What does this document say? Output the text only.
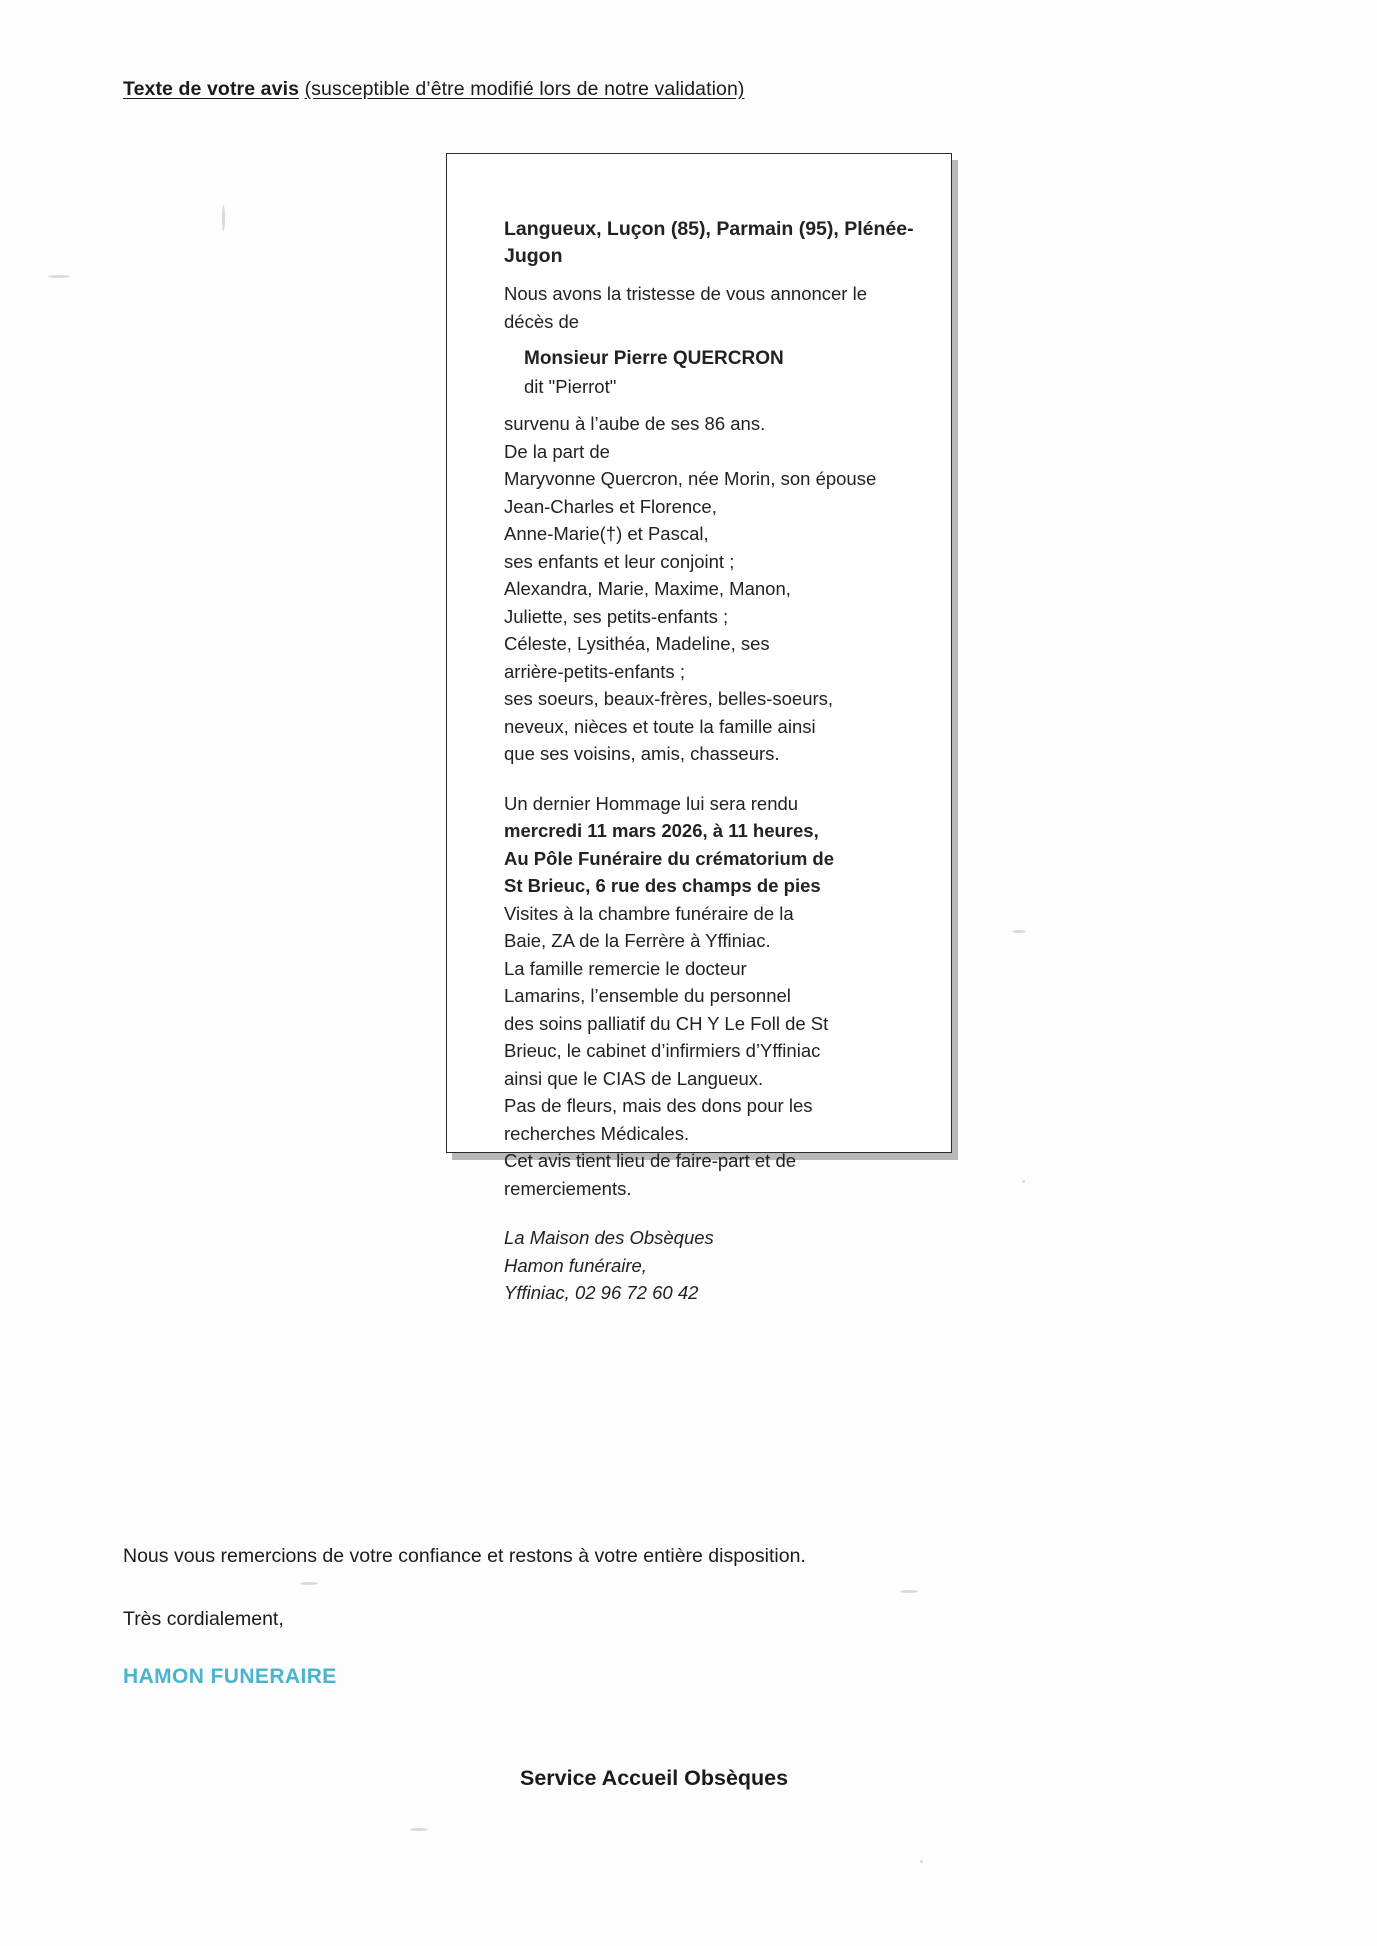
Texte de votre avis (susceptible d’être modifié lors de notre validation)
Langueux, Luçon (85), Parmain (95), Plénée-Jugon
Nous avons la tristesse de vous annoncer le décès de
Monsieur Pierre QUERCRON
dit "Pierrot"
survenu à l’aube de ses 86 ans.
De la part de
Maryvonne Quercron, née Morin, son épouse
Jean-Charles et Florence,
Anne-Marie(†) et Pascal,
ses enfants et leur conjoint ;
Alexandra, Marie, Maxime, Manon,
Juliette, ses petits-enfants ;
Céleste, Lysithéa, Madeline, ses
arrière-petits-enfants ;
ses soeurs, beaux-frères, belles-soeurs,
neveux, nièces et toute la famille ainsi
que ses voisins, amis, chasseurs.
Un dernier Hommage lui sera rendu
mercredi 11 mars 2026, à 11 heures,
Au Pôle Funéraire du crématorium de
St Brieuc, 6 rue des champs de pies
Visites à la chambre funéraire de la
Baie, ZA de la Ferrère à Yffiniac.
La famille remercie le docteur
Lamarins, l’ensemble du personnel
des soins palliatif du CH Y Le Foll de St
Brieuc, le cabinet d’infirmiers d’Yffiniac
ainsi que le CIAS de Langueux.
Pas de fleurs, mais des dons pour les
recherches Médicales.
Cet avis tient lieu de faire-part et de
remerciements.
La Maison des Obsèques
Hamon funéraire,
Yffiniac, 02 96 72 60 42
Nous vous remercions de votre confiance et restons à votre entière disposition.
Très cordialement,
HAMON FUNERAIRE
Service Accueil Obsèques
